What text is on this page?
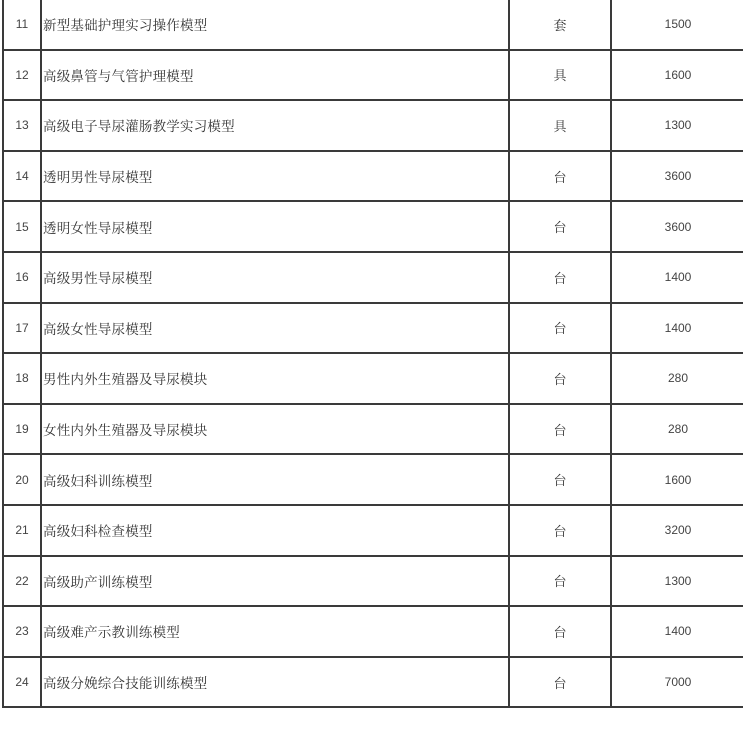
11	新型基础护理实习操作模型	套	1500
12	高级鼻管与气管护理模型	具	1600
13	高级电子导尿灌肠教学实习模型	具	1300
14	透明男性导尿模型	台	3600
15	透明女性导尿模型	台	3600
16	高级男性导尿模型	台	1400
17	高级女性导尿模型	台	1400
18	男性内外生殖器及导尿模块	台	280
19	女性内外生殖器及导尿模块	台	280
20	高级妇科训练模型	台	1600
21	高级妇科检查模型	台	3200
22	高级助产训练模型	台	1300
23	高级难产示教训练模型	台	1400
24	高级分娩综合技能训练模型	台	7000
